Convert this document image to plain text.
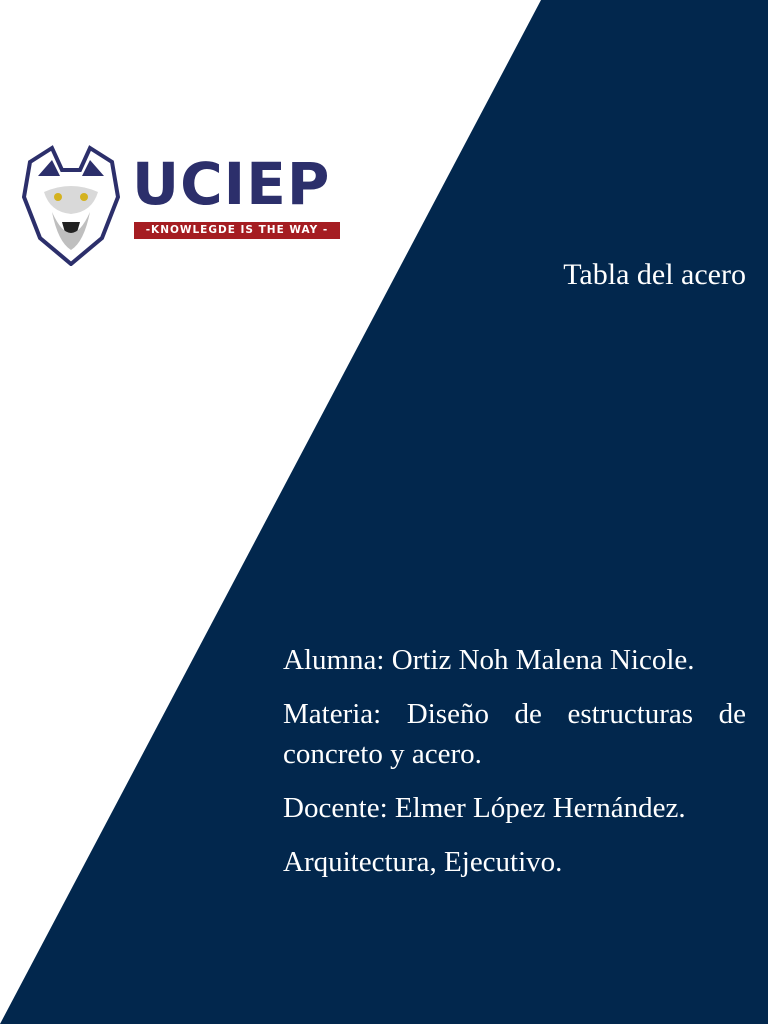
UCIEP
-KNOWLEGDE IS THE WAY -
Tabla del acero

Alumna: Ortiz Noh Malena Nicole.

Materia: Diseño de estructuras de concreto y acero.

Docente: Elmer López Hernández.

Arquitectura, Ejecutivo.
